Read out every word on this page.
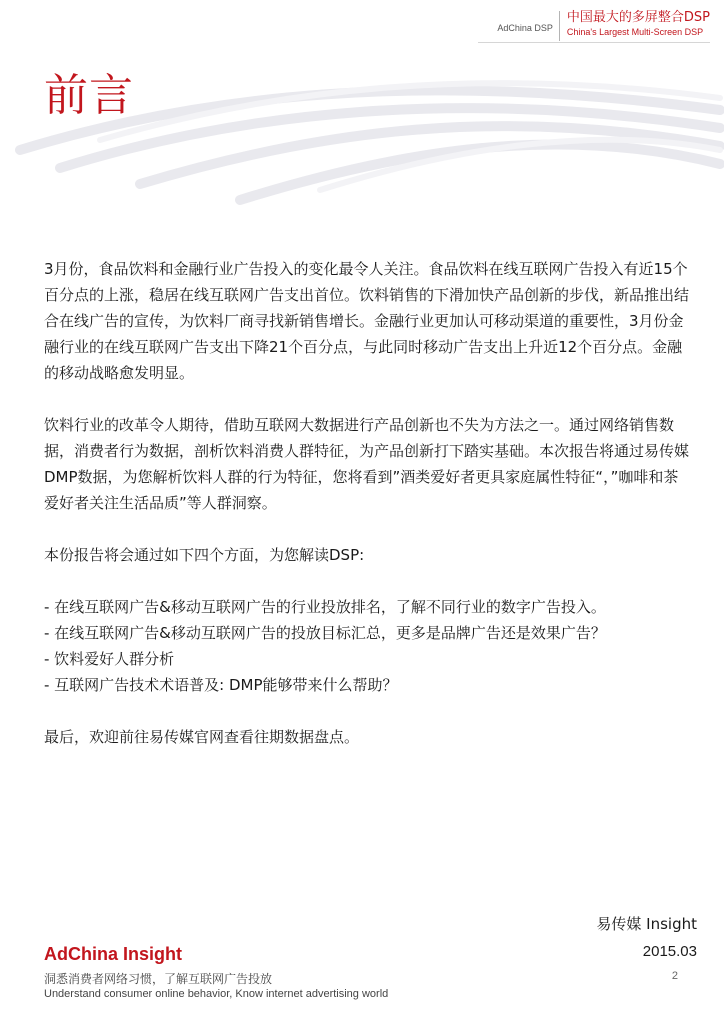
AdChina DSP
中国最大的多屏整合DSP
China's Largest Multi-Screen DSP
前言

3月份，食品饮料和金融行业广告投入的变化最令人关注。食品饮料在线互联网广告投入有近15个百分点的上涨，稳居在线互联网广告支出首位。饮料销售的下滑加快产品创新的步伐，新品推出结合在线广告的宣传，为饮料厂商寻找新销售增长。金融行业更加认可移动渠道的重要性，3月份金融行业的在线互联网广告支出下降21个百分点，与此同时移动广告支出上升近12个百分点。金融的移动战略愈发明显。

饮料行业的改革令人期待，借助互联网大数据进行产品创新也不失为方法之一。通过网络销售数据，消费者行为数据，剖析饮料消费人群特征，为产品创新打下踏实基础。本次报告将通过易传媒DMP数据，为您解析饮料人群的行为特征，您将看到”酒类爱好者更具家庭属性特征“，”咖啡和茶爱好者关注生活品质”等人群洞察。

本份报告将会通过如下四个方面，为您解读DSP:

- 在线互联网广告&移动互联网广告的行业投放排名，了解不同行业的数字广告投入。
- 在线互联网广告&移动互联网广告的投放目标汇总，更多是品牌广告还是效果广告？
- 饮料爱好人群分析
- 互联网广告技术术语普及: DMP能够带来什么帮助？

最后，欢迎前往易传媒官网查看往期数据盘点。

易传媒 Insight
2015.03
2
AdChina Insight
洞悉消费者网络习惯，了解互联网广告投放
Understand consumer online behavior, Know internet advertising world
